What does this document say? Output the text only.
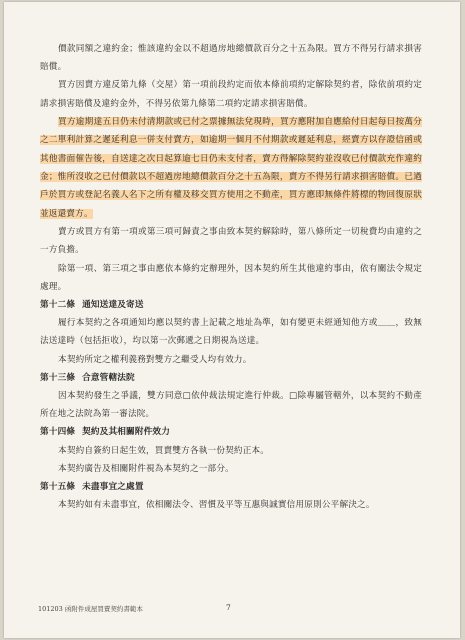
價款同額之違約金；惟該違約金以不超過房地總價款百分之十五為限。買方不得另行請求損害賠償。

買方因賣方違反第九條（交屋）第一項前段約定而依本條前項約定解除契約者，除依前項約定請求損害賠償及違約金外，不得另依第九條第二項約定請求損害賠償。

買方逾期達五日仍未付清期款或已付之票據無法兌現時，買方應附加自應給付日起每日按萬分之二單利計算之遲延利息一併支付賣方，如逾期一個月不付期款或遲延利息，經賣方以存證信函或其他書面催告後，自送達之次日起算逾七日仍未支付者，賣方得解除契約並沒收已付價款充作違約金；惟所沒收之已付價款以不超過房地總價款百分之十五為限，賣方不得另行請求損害賠償。已過戶於買方或登記名義人名下之所有權及移交買方使用之不動產，買方應即無條件將標的物回復原狀並返還賣方。

賣方或買方有第一項或第三項可歸責之事由致本契約解除時，第八條所定一切稅費均由違約之一方負擔。

除第一項、第三項之事由應依本條約定辦理外，因本契約所生其他違約事由，依有關法令規定處理。

第十二條 通知送達及寄送

履行本契約之各項通知均應以契約書上記載之地址為準，如有變更未經通知他方或＿＿，致無法送達時（包括拒收），均以第一次郵遞之日期視為送達。

本契約所定之權利義務對雙方之繼受人均有效力。

第十三條 合意管轄法院

因本契約發生之爭議，雙方同意□依仲裁法規定進行仲裁。□除專屬管轄外，以本契約不動產所在地之法院為第一審法院。

第十四條 契約及其相關附件效力

本契約自簽約日起生效，買賣雙方各執一份契約正本。

本契約廣告及相關附件視為本契約之一部分。

第十五條 未盡事宜之處置

本契約如有未盡事宜，依相關法令、習慣及平等互惠與誠實信用原則公平解決之。

101203 函附件成屋買賣契約書範本	7
